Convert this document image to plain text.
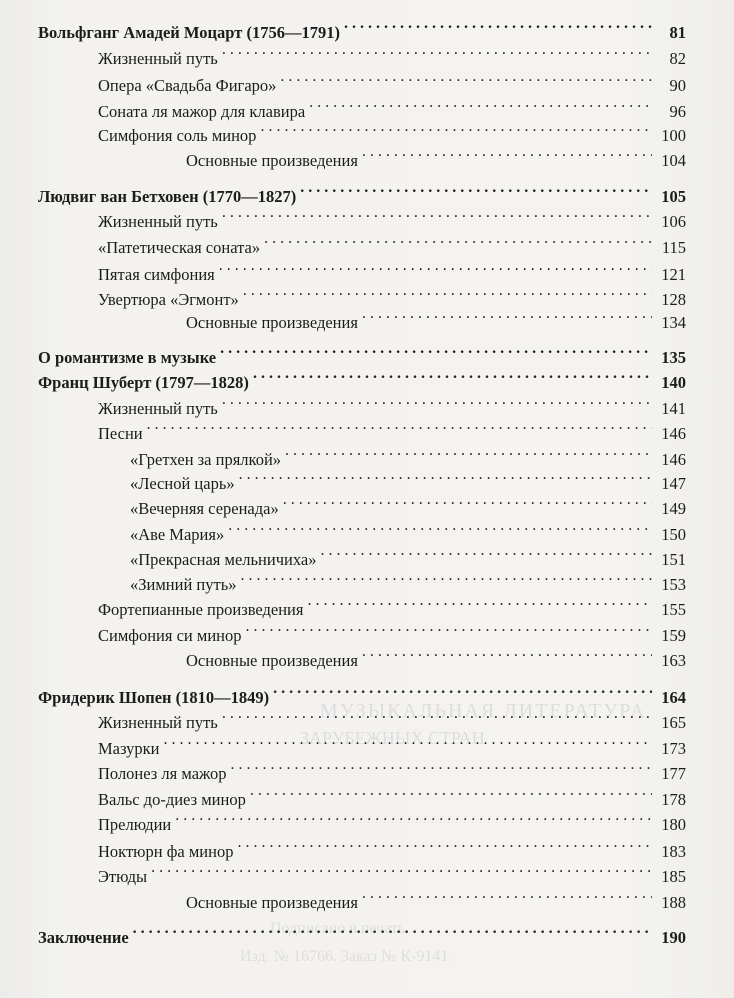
МУЗЫКАЛЬНАЯ ЛИТЕРАТУРА
ЗАРУБЕЖНЫХ СТРАН
Подписано в печать
Изд. № 16766. Заказ № К-9141.
Вольфганг Амадей Моцарт (1756—1791) . . .	81
Жизненный путь . . .	82
Опера «Свадьба Фигаро» . . .	90
Соната ля мажор для клавира . . .	96
Симфония соль минор . . .	100
Основные произведения . . .	104
Людвиг ван Бетховен (1770—1827) . . .	105
Жизненный путь . . .	106
«Патетическая соната» . . .	115
Пятая симфония . . .	121
Увертюра «Эгмонт» . . .	128
Основные произведения . . .	134
О романтизме в музыке . . .	135
Франц Шуберт (1797—1828) . . .	140
Жизненный путь . . .	141
Песни . . .	146
«Гретхен за прялкой» . . .	146
«Лесной царь» . . .	147
«Вечерняя серенада» . . .	149
«Аве Мария» . . .	150
«Прекрасная мельничиха» . . .	151
«Зимний путь» . . .	153
Фортепианные произведения . . .	155
Симфония си минор . . .	159
Основные произведения . . .	163
Фридерик Шопен (1810—1849) . . .	164
Жизненный путь . . .	165
Мазурки . . .	173
Полонез ля мажор . . .	177
Вальс до-диез минор . . .	178
Прелюдии . . .	180
Ноктюрн фа минор . . .	183
Этюды . . .	185
Основные произведения . . .	188
Заключение . . .	190
